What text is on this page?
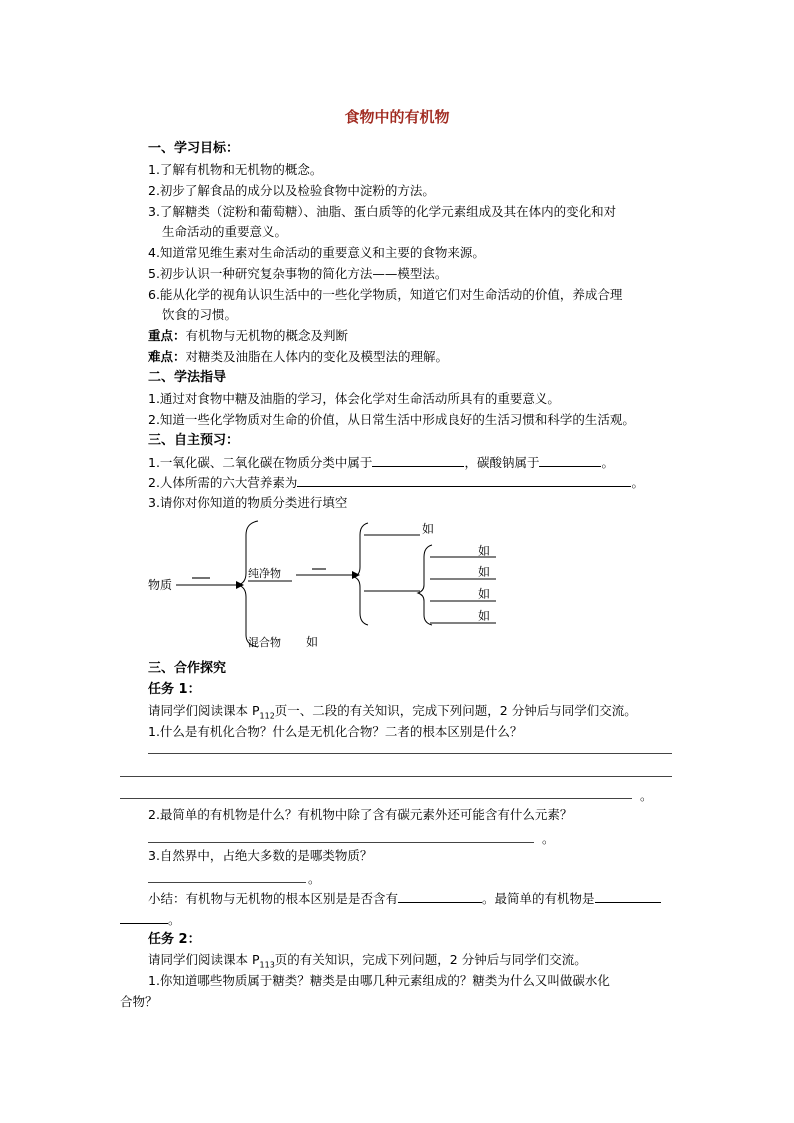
食物中的有机物
一、学习目标：
1.了解有机物和无机物的概念。
2.初步了解食品的成分以及检验食物中淀粉的方法。
3.了解糖类（淀粉和葡萄糖）、油脂、蛋白质等的化学元素组成及其在体内的变化和对
生命活动的重要意义。
4.知道常见维生素对生命活动的重要意义和主要的食物来源。
5.初步认识一种研究复杂事物的简化方法——模型法。
6.能从化学的视角认识生活中的一些化学物质，知道它们对生命活动的价值，养成合理
饮食的习惯。
重点：有机物与无机物的概念及判断
难点：对糖类及油脂在人体内的变化及模型法的理解。
二、学法指导
1.通过对食物中糖及油脂的学习，体会化学对生命活动所具有的重要意义。
2.知道一些化学物质对生命的价值，从日常生活中形成良好的生活习惯和科学的生活观。
三、自主预习：
1.一氧化碳、二氧化碳在物质分类中属于	，碳酸钠属于	。
2.人体所需的六大营养素为	。
3.请你对你知道的物质分类进行填空
物质
纯净物
混合物 如
如
如
如
如
如
三、合作探究
任务 1：
请同学们阅读课本 $P_{112}$页一、二段的有关知识，完成下列问题，2 分钟后与同学们交流。
1.什么是有机化合物？什么是无机化合物？二者的根本区别是什么？
。
2.最简单的有机物是什么？有机物中除了含有碳元素外还可能含有什么元素？
。
3.自然界中，占绝大多数的是哪类物质？
。
小结：有机物与无机物的根本区别是是否含有	。最简单的有机物是
。
任务 2：
请同学们阅读课本 $P_{113}$页的有关知识，完成下列问题，2 分钟后与同学们交流。
1.你知道哪些物质属于糖类？糖类是由哪几种元素组成的？糖类为什么又叫做碳水化
合物？
